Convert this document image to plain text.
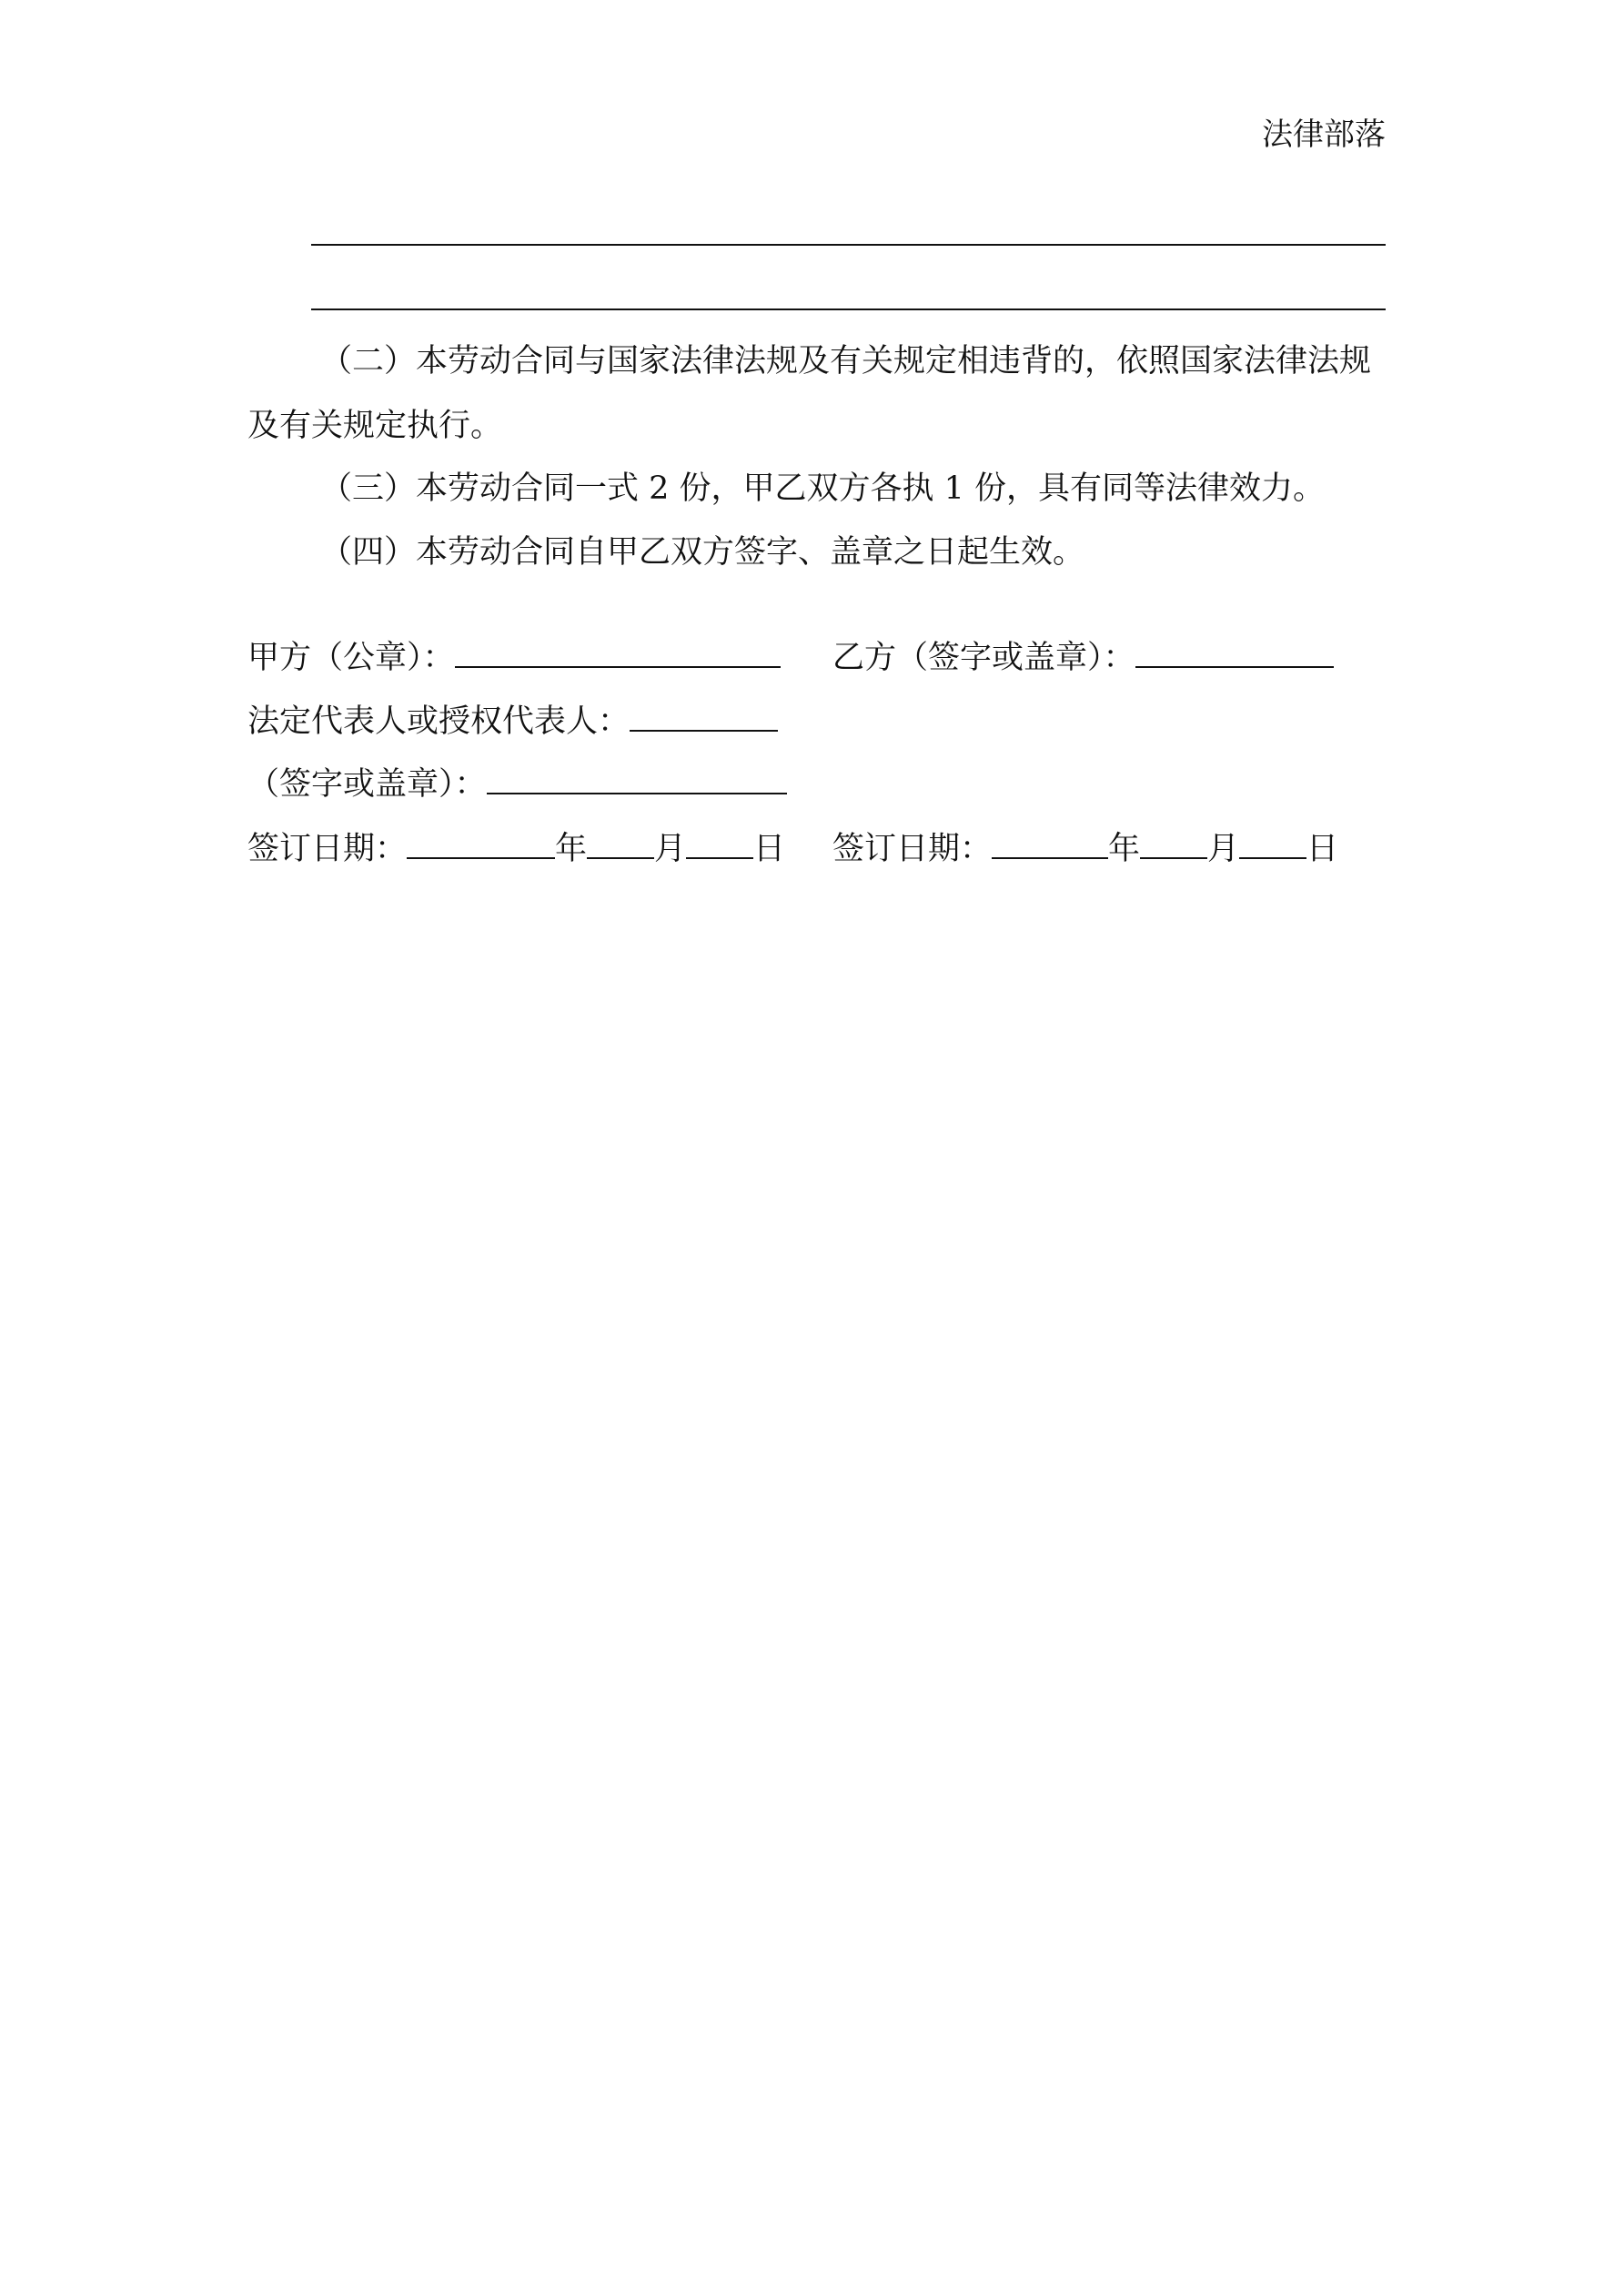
法律部落
（二）本劳动合同与国家法律法规及有关规定相违背的，依照国家法律法规
及有关规定执行。
（三）本劳动合同一式 2 份，甲乙双方各执 1 份，具有同等法律效力。
（四）本劳动合同自甲乙双方签字、盖章之日起生效。
甲方（公章）：	乙方（签字或盖章）：
法定代表人或授权代表人：
（签字或盖章）：
签订日期：	年 月 日 签订日期：	年 月 日
